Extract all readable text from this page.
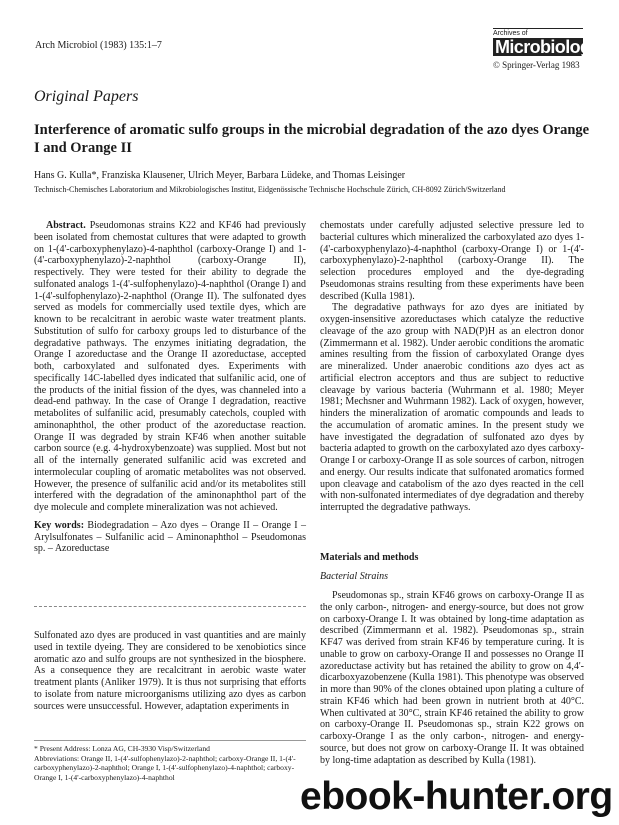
Arch Microbiol (1983) 135:1–7
Archives of
Microbiology
© Springer-Verlag 1983
Original Papers
Interference of aromatic sulfo groups in the microbial degradation of the azo dyes Orange I and Orange II
Hans G. Kulla*, Franziska Klausener, Ulrich Meyer, Barbara Lüdeke, and Thomas Leisinger
Technisch-Chemisches Laboratorium and Mikrobiologisches Institut, Eidgenössische Technische Hochschule Zürich, CH-8092 Zürich/Switzerland

Abstract. Pseudomonas strains K22 and KF46 had previously been isolated from chemostat cultures that were adapted to growth on 1-(4'-carboxyphenylazo)-4-naphthol (carboxy-Orange I) and 1-(4'-carboxyphenylazo)-2-naphthol (carboxy-Orange II), respectively. They were tested for their ability to degrade the sulfonated analogs 1-(4'-sulfophenylazo)-4-naphthol (Orange I) and 1-(4'-sulfophenylazo)-2-naphthol (Orange II). The sulfonated dyes served as models for commercially used textile dyes, which are known to be recalcitrant in aerobic waste water treatment plants. Substitution of sulfo for carboxy groups led to disturbance of the degradative pathways. The enzymes initiating degradation, the Orange I azoreductase and the Orange II azoreductase, accepted both, carboxylated and sulfonated dyes. Experiments with specifically 14C-labelled dyes indicated that sulfanilic acid, one of the products of the initial fission of the dyes, was channeled into a dead-end pathway. In the case of Orange I degradation, reactive metabolites of sulfanilic acid, presumably catechols, coupled with aminonaphthol, the other product of the azoreductase reaction. Orange II was degraded by strain KF46 when another suitable carbon source (e.g. 4-hydroxybenzoate) was supplied. Most but not all of the internally generated sulfanilic acid was excreted and intermolecular coupling of aromatic metabolites was not observed. However, the presence of sulfanilic acid and/or its metabolites still interfered with the degradation of the aminonaphthol part of the dye molecule and complete mineralization was not achieved.

Key words: Biodegradation – Azo dyes – Orange II – Orange I – Arylsulfonates – Sulfanilic acid – Aminonaphthol – Pseudomonas sp. – Azoreductase

Sulfonated azo dyes are produced in vast quantities and are mainly used in textile dyeing. They are considered to be xenobiotics since aromatic azo and sulfo groups are not synthesized in the biosphere. As a consequence they are recalcitrant in aerobic waste water treatment plants (Anliker 1979). It is thus not surprising that efforts to isolate from nature microorganisms utilizing azo dyes as carbon sources were unsuccessful. However, adaptation experiments in

* Present Address: Lonza AG, CH-3930 Visp/Switzerland

Abbreviations: Orange II, 1-(4'-sulfophenylazo)-2-naphthol; carboxy-Orange II, 1-(4'-carboxyphenylazo)-2-naphthol; Orange I, 1-(4'-sulfophenylazo)-4-naphthol; carboxy-Orange I, 1-(4'-carboxyphenylazo)-4-naphthol

chemostats under carefully adjusted selective pressure led to bacterial cultures which mineralized the carboxylated azo dyes 1-(4'-carboxyphenylazo)-4-naphthol (carboxy-Orange I) or 1-(4'-carboxyphenylazo)-2-naphthol (carboxy-Orange II). The selection procedures employed and the dye-degrading Pseudomonas strains resulting from these experiments have been described (Kulla 1981).

The degradative pathways for azo dyes are initiated by oxygen-insensitive azoreductases which catalyze the reductive cleavage of the azo group with NAD(P)H as an electron donor (Zimmermann et al. 1982). Under aerobic conditions the aromatic amines resulting from the fission of carboxylated Orange dyes are mineralized. Under anaerobic conditions azo dyes act as artificial electron acceptors and thus are subject to reductive cleavage by various bacteria (Wuhrmann et al. 1980; Meyer 1981; Mechsner and Wuhrmann 1982). Lack of oxygen, however, hinders the mineralization of aromatic compounds and leads to the accumulation of aromatic amines. In the present study we have investigated the degradation of sulfonated azo dyes by bacteria adapted to growth on the carboxylated azo dyes carboxy-Orange I or carboxy-Orange II as sole sources of carbon, nitrogen and energy. Our results indicate that sulfonated aromatics formed upon cleavage and catabolism of the azo dyes reacted in the cell with non-sulfonated intermediates of dye degradation and thereby interrupted the degradative pathways.

Materials and methods
Bacterial Strains

Pseudomonas sp., strain KF46 grows on carboxy-Orange II as the only carbon-, nitrogen- and energy-source, but does not grow on carboxy-Orange I. It was obtained by long-time adaptation as described (Zimmermann et al. 1982). Pseudomonas sp., strain KF47 was derived from strain KF46 by temperature curing. It is unable to grow on carboxy-Orange II and possesses no Orange II azoreductase activity but has retained the ability to grow on 4,4'-dicarboxyazobenzene (Kulla 1981). This phenotype was observed in more than 90% of the clones obtained upon plating a culture of strain KF46 which had been grown in nutrient broth at 40°C. When cultivated at 30°C, strain KF46 retained the ability to grow on carboxy-Orange II. Pseudomonas sp., strain K22 grows on carboxy-Orange I as the only carbon-, nitrogen- and energy-source, but does not grow on carboxy-Orange II. It was obtained by long-time adaptation as described by Kulla (1981).

ebook-hunter.org
